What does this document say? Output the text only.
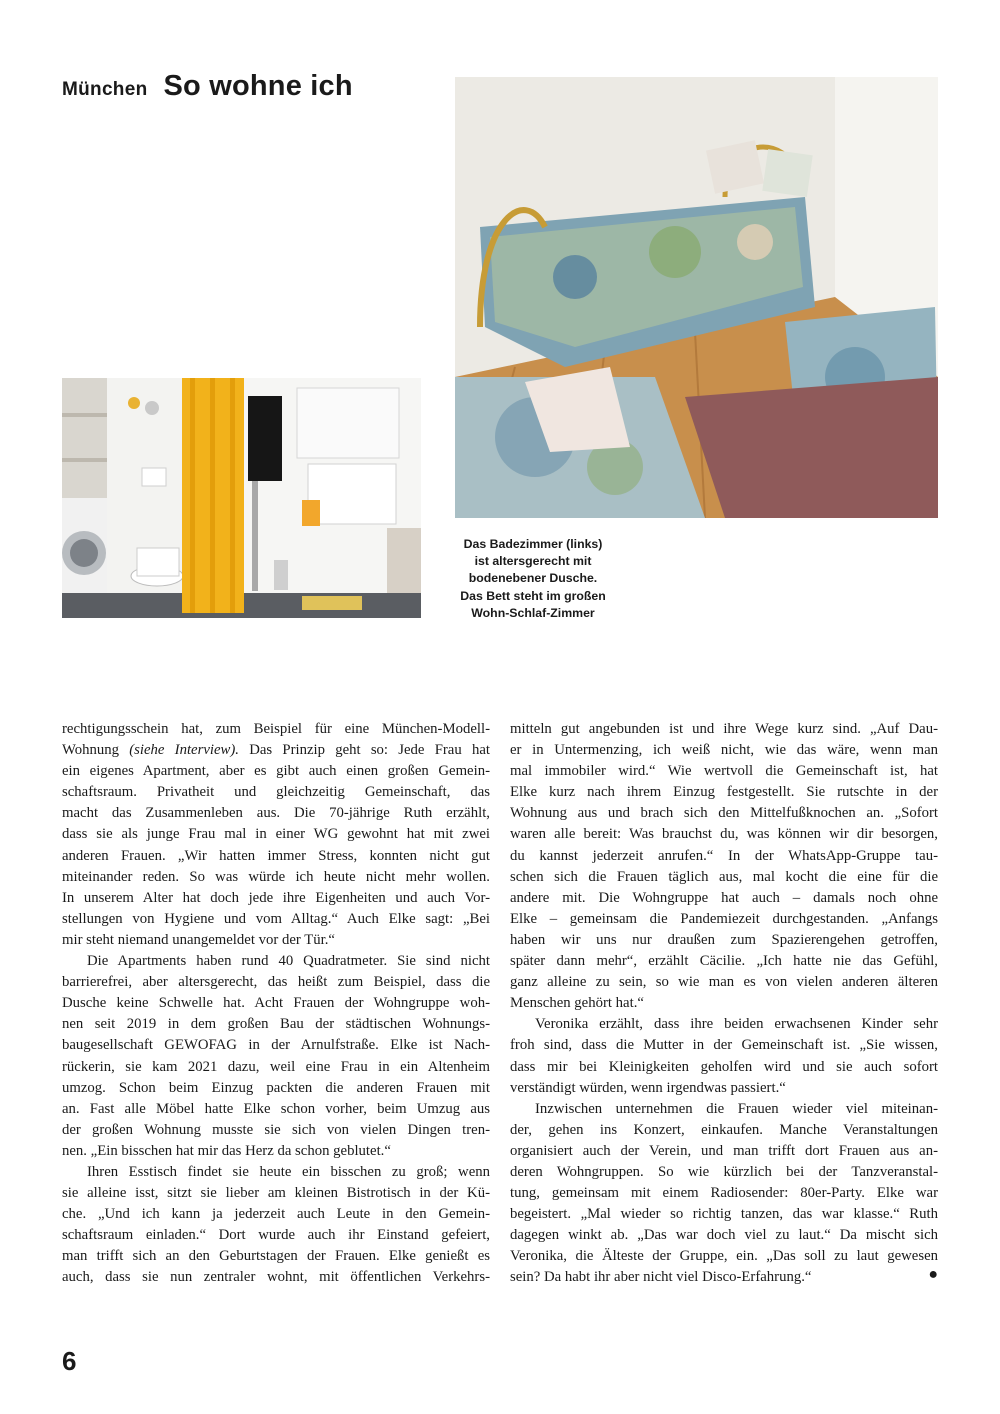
München So wohne ich
Das Badezimmer (links)
ist altersgerecht mit
bodenebener Dusche.
Das Bett steht im großen
Wohn-Schlaf-Zimmer

rechtigungsschein hat, zum Beispiel für eine München-Modell-
Wohnung (siehe Interview). Das Prinzip geht so: Jede Frau hat
ein eigenes Apartment, aber es gibt auch einen großen Gemein-
schaftsraum. Privatheit und gleichzeitig Gemeinschaft, das
macht das Zusammenleben aus. Die 70-jährige Ruth erzählt,
dass sie als junge Frau mal in einer WG gewohnt hat mit zwei
anderen Frauen. „Wir hatten immer Stress, konnten nicht gut
miteinander reden. So was würde ich heute nicht mehr wollen.
In unserem Alter hat doch jede ihre Eigenheiten und auch Vor-
stellungen von Hygiene und vom Alltag.“ Auch Elke sagt: „Bei
mir steht niemand unangemeldet vor der Tür.“

Die Apartments haben rund 40 Quadratmeter. Sie sind nicht
barrierefrei, aber altersgerecht, das heißt zum Beispiel, dass die
Dusche keine Schwelle hat. Acht Frauen der Wohngruppe woh-
nen seit 2019 in dem großen Bau der städtischen Wohnungs-
baugesellschaft GEWOFAG in der Arnulfstraße. Elke ist Nach-
rückerin, sie kam 2021 dazu, weil eine Frau in ein Altenheim
umzog. Schon beim Einzug packten die anderen Frauen mit
an. Fast alle Möbel hatte Elke schon vorher, beim Umzug aus
der großen Wohnung musste sie sich von vielen Dingen tren-
nen. „Ein bisschen hat mir das Herz da schon geblutet.“

Ihren Esstisch findet sie heute ein bisschen zu groß; wenn
sie alleine isst, sitzt sie lieber am kleinen Bistrotisch in der Kü-
che. „Und ich kann ja jederzeit auch Leute in den Gemein-
schaftsraum einladen.“ Dort wurde auch ihr Einstand gefeiert,
man trifft sich an den Geburtstagen der Frauen. Elke genießt es
auch, dass sie nun zentraler wohnt, mit öffentlichen Verkehrs-

mitteln gut angebunden ist und ihre Wege kurz sind. „Auf Dau-
er in Untermenzing, ich weiß nicht, wie das wäre, wenn man
mal immobiler wird.“ Wie wertvoll die Gemeinschaft ist, hat
Elke kurz nach ihrem Einzug festgestellt. Sie rutschte in der
Wohnung aus und brach sich den Mittelfußknochen an. „Sofort
waren alle bereit: Was brauchst du, was können wir dir besorgen,
du kannst jederzeit anrufen.“ In der WhatsApp-Gruppe tau-
schen sich die Frauen täglich aus, mal kocht die eine für die
andere mit. Die Wohngruppe hat auch – damals noch ohne
Elke – gemeinsam die Pandemiezeit durchgestanden. „Anfangs
haben wir uns nur draußen zum Spazierengehen getroffen,
später dann mehr“, erzählt Cäcilie. „Ich hatte nie das Gefühl,
ganz alleine zu sein, so wie man es von vielen anderen älteren
Menschen gehört hat.“

Veronika erzählt, dass ihre beiden erwachsenen Kinder sehr
froh sind, dass die Mutter in der Gemeinschaft ist. „Sie wissen,
dass mir bei Kleinigkeiten geholfen wird und sie auch sofort
verständigt würden, wenn irgendwas passiert.“

Inzwischen unternehmen die Frauen wieder viel miteinan-
der, gehen ins Konzert, einkaufen. Manche Veranstaltungen
organisiert auch der Verein, und man trifft dort Frauen aus an-
deren Wohngruppen. So wie kürzlich bei der Tanzveranstal-
tung, gemeinsam mit einem Radiosender: 80er-Party. Elke war
begeistert. „Mal wieder so richtig tanzen, das war klasse.“ Ruth
dagegen winkt ab. „Das war doch viel zu laut.“ Da mischt sich
Veronika, die Älteste der Gruppe, ein. „Das soll zu laut gewesen
sein? Da habt ihr aber nicht viel Disco-Erfahrung.“	●

6
